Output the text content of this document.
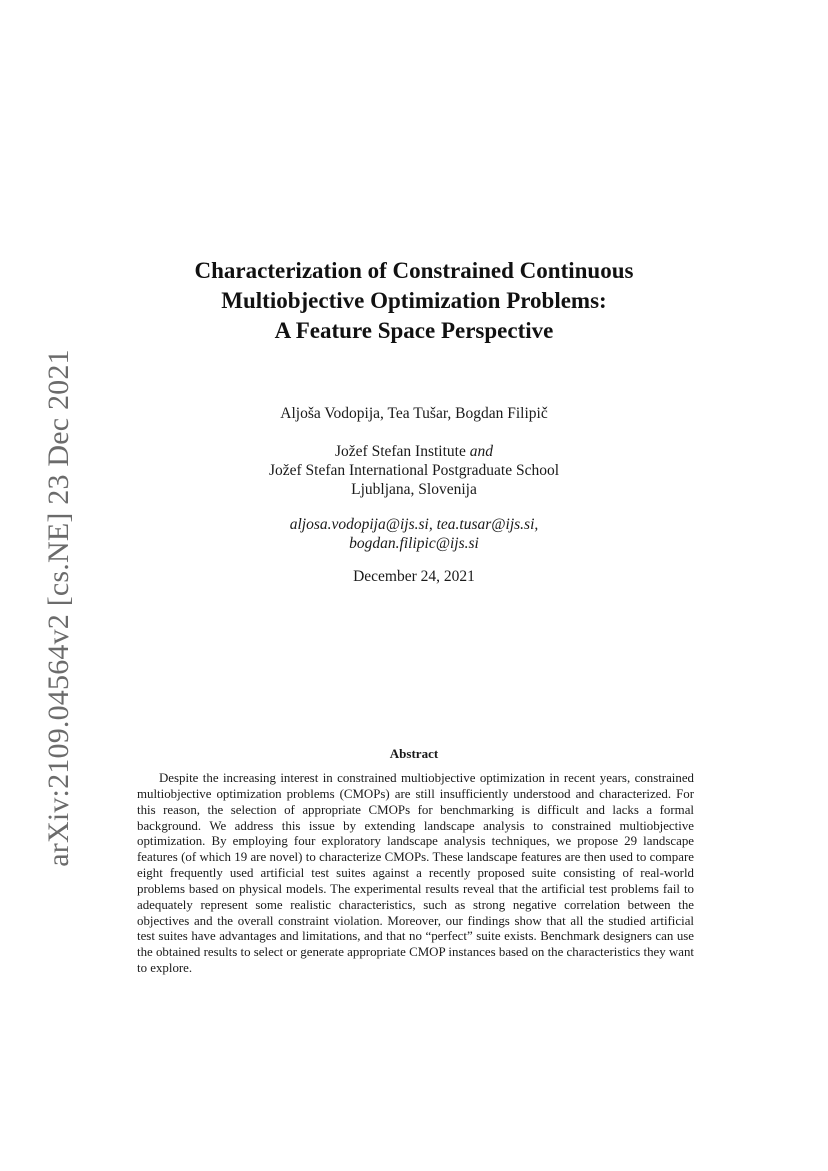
arXiv:2109.04564v2 [cs.NE] 23 Dec 2021
Characterization of Constrained Continuous
Multiobjective Optimization Problems:
A Feature Space Perspective
Aljoša Vodopija, Tea Tušar, Bogdan Filipič
Jožef Stefan Institute and
Jožef Stefan International Postgraduate School
Ljubljana, Slovenija
aljosa.vodopija@ijs.si, tea.tusar@ijs.si,
bogdan.filipic@ijs.si
December 24, 2021
Abstract
Despite the increasing interest in constrained multiobjective optimization in recent years, constrained multiobjective optimization problems (CMOPs) are still insufficiently understood and characterized. For this reason, the selection of appropriate CMOPs for benchmarking is difficult and lacks a formal background. We address this issue by extending landscape analysis to constrained multiobjective optimization. By employing four exploratory landscape analysis techniques, we propose 29 landscape features (of which 19 are novel) to characterize CMOPs. These landscape features are then used to compare eight frequently used artificial test suites against a recently proposed suite consisting of real-world problems based on physical models. The experimental results reveal that the artificial test problems fail to adequately represent some realistic characteristics, such as strong negative correlation between the objectives and the overall constraint violation. Moreover, our findings show that all the studied artificial test suites have advantages and limitations, and that no “perfect” suite exists. Benchmark designers can use the obtained results to select or generate appropriate CMOP instances based on the characteristics they want to explore.
